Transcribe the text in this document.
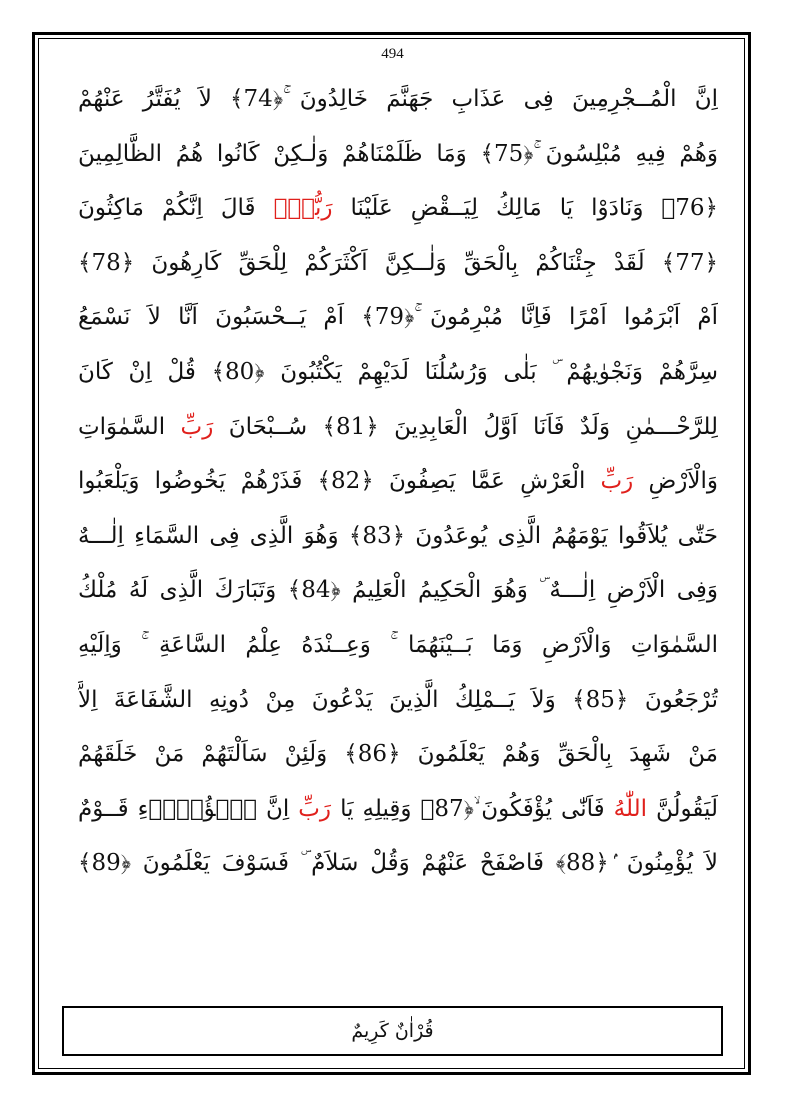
494
اِنَّ الْمُــجْرِمِينَ فِى عَذَابِ جَهَنَّمَ خَالِدُونَ ۚ﴿74﴾ لاَ يُفَتَّرُ عَنْهُمْ
وَهُمْ فِيهِ مُبْلِسُونَ ۚ﴿75﴾ وَمَا ظَلَمْنَاهُمْ وَلٰـكِنْ كَانُوا هُمُ الظَّالِمِينَ
﴿76﴾ وَنَادَوْا يَا مَالِكُ لِيَــقْضِ عَلَيْنَا رَبُّكَۜ قَالَ اِنَّكُمْ مَاكِثُونَ
﴿77﴾ لَقَدْ جِئْنَاكُمْ بِالْحَقِّ وَلٰــكِنَّ اَكْثَرَكُمْ لِلْحَقِّ كَارِهُونَ ﴿78﴾
اَمْ اَبْرَمُوا اَمْرًا فَاِنَّا مُبْرِمُونَ ۚ﴿79﴾ اَمْ يَــحْسَبُونَ اَنَّا لاَ نَسْمَعُ
سِرَّهُمْ وَنَجْوٰيهُمْ ۜ بَلٰى وَرُسُلُنَا لَدَيْهِمْ يَكْتُبُونَ ﴿80﴾ قُلْ اِنْ كَانَ
لِلرَّحْـــمٰنِ وَلَدٌ فَاَنَا اَوَّلُ الْعَابِدِينَ ﴿81﴾ سُــبْحَانَ رَبِّ السَّمٰوَاتِ
وَالْاَرْضِ رَبِّ الْعَرْشِ عَمَّا يَصِفُونَ ﴿82﴾ فَذَرْهُمْ يَخُوضُوا وَيَلْعَبُوا
حَتّٰى يُلاَقُوا يَوْمَهُمُ الَّذِى يُوعَدُونَ ﴿83﴾ وَهُوَ الَّذِى فِى السَّمَاءِ اِلٰـــهٌ
وَفِى الْاَرْضِ اِلٰـــهٌ ۜ وَهُوَ الْحَكِيمُ الْعَلِيمُ ﴿84﴾ وَتَبَارَكَ الَّذِى لَهُ مُلْكُ
السَّمٰوَاتِ وَالْاَرْضِ وَمَا بَــيْنَهُمَا ۚ وَعِــنْدَهُ عِلْمُ السَّاعَةِ ۚ وَاِلَيْهِ
تُرْجَعُونَ ﴿85﴾ وَلاَ يَــمْلِكُ الَّذِينَ يَدْعُونَ مِنْ دُونِهِ الشَّفَاعَةَ اِلاَّ
مَنْ شَهِدَ بِالْحَقِّ وَهُمْ يَعْلَمُونَ ﴿86﴾ وَلَئِنْ سَاَلْتَهُمْ مَنْ خَلَقَهُمْ
لَيَقُولُنَّ اللّٰهُ فَاَنّٰى يُؤْفَكُونَ ۙ﴿87﴾ وَقِيلِهِ يَا رَبِّ اِنَّ هٰۤؤُلاَۤءِ قَــوْمٌ
لاَ يُؤْمِنُونَ ۢ﴿88﴾ فَاصْفَحْ عَنْهُمْ وَقُلْ سَلاَمٌ ۜ فَسَوْفَ يَعْلَمُونَ ﴿89﴾
قُرْاٰنٌ كَرِيمٌ
